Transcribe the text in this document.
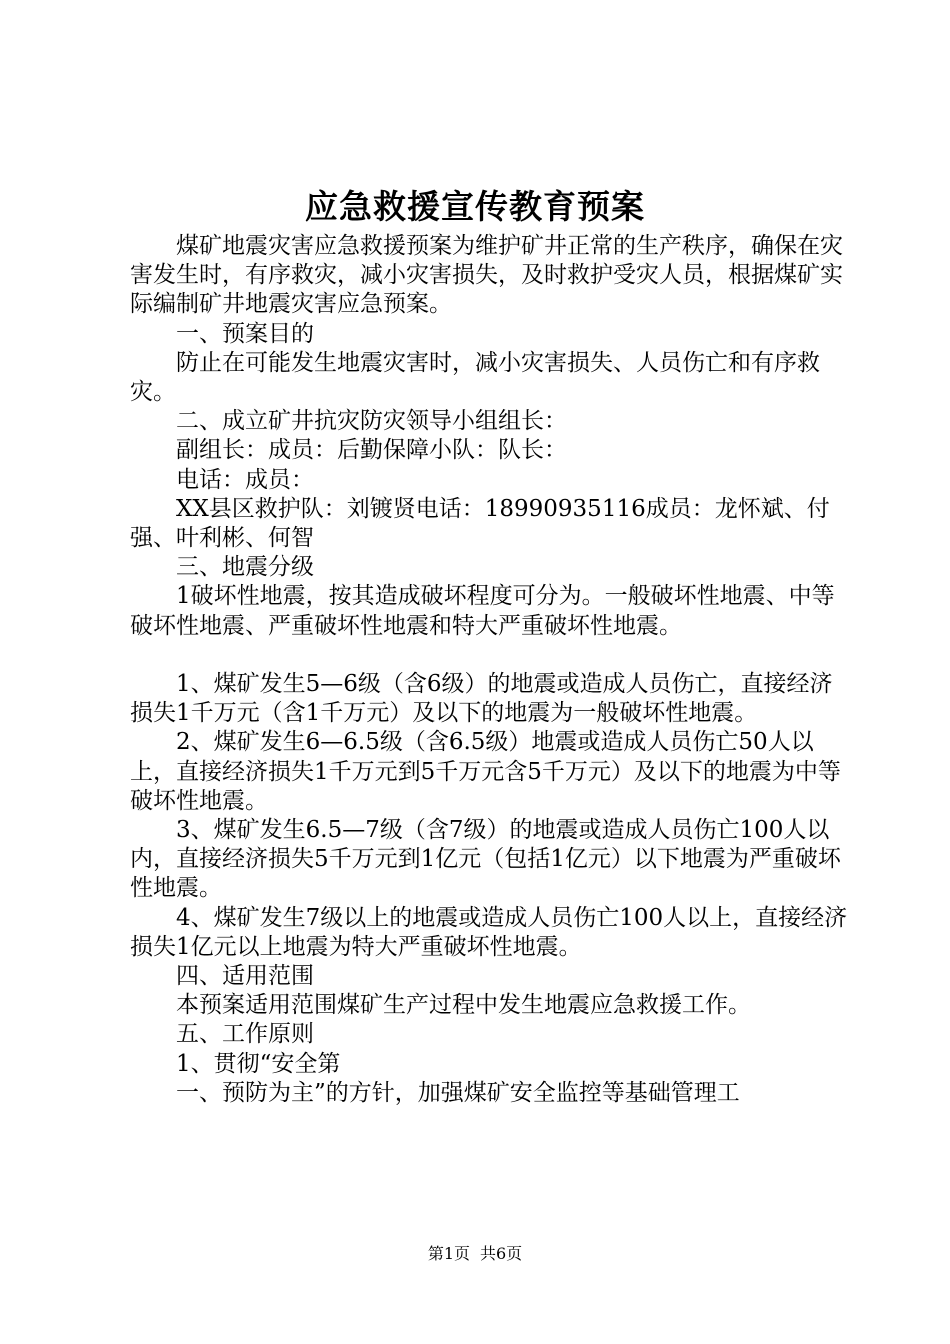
应急救援宣传教育预案

煤矿地震灾害应急救援预案为维护矿井正常的生产秩序，确保在灾害发生时，有序救灾，减小灾害损失，及时救护受灾人员，根据煤矿实际编制矿井地震灾害应急预案。

一、预案目的

防止在可能发生地震灾害时，减小灾害损失、人员伤亡和有序救灾。

二、成立矿井抗灾防灾领导小组组长：

副组长：成员：后勤保障小队：队长：

电话：成员：

XX县区救护队：刘镀贤电话：18990935116成员：龙怀斌、付强、叶利彬、何智

三、地震分级

1破坏性地震，按其造成破坏程度可分为。一般破坏性地震、中等破坏性地震、严重破坏性地震和特大严重破坏性地震。

1、煤矿发生5—6级（含6级）的地震或造成人员伤亡，直接经济损失1千万元（含1千万元）及以下的地震为一般破坏性地震。

2、煤矿发生6—6.5级（含6.5级）地震或造成人员伤亡50人以上，直接经济损失1千万元到5千万元含5千万元）及以下的地震为中等破坏性地震。

3、煤矿发生6.5—7级（含7级）的地震或造成人员伤亡100人以内，直接经济损失5千万元到1亿元（包括1亿元）以下地震为严重破坏性地震。

4、煤矿发生7级以上的地震或造成人员伤亡100人以上，直接经济损失1亿元以上地震为特大严重破坏性地震。

四、适用范围

本预案适用范围煤矿生产过程中发生地震应急救援工作。

五、工作原则

1、贯彻“安全第

一、预防为主”的方针，加强煤矿安全监控等基础管理工

第1页 共6页
